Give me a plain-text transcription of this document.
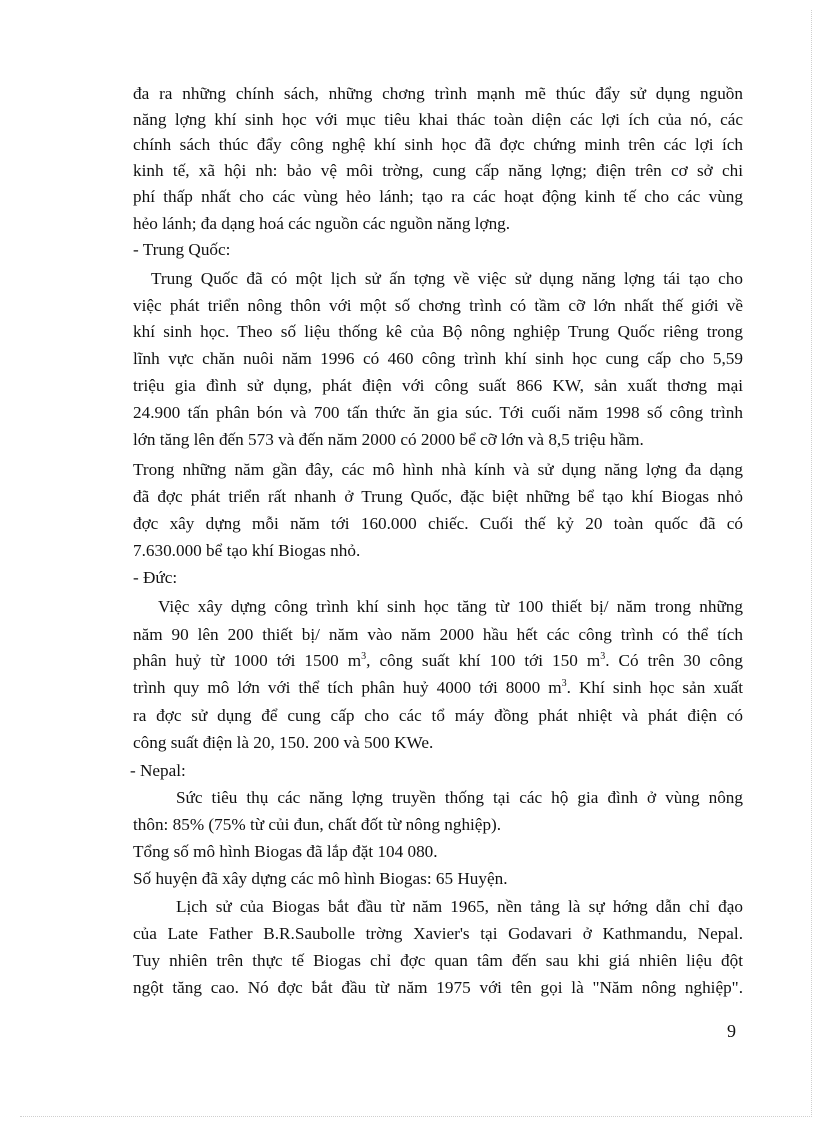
đa ra những chính sách, những chơng trình mạnh mẽ thúc đẩy sử dụng nguồn
năng lợng khí sinh học với mục tiêu khai thác toàn diện các lợi ích của nó, các
chính sách thúc đẩy công nghệ khí sinh học đã đợc chứng minh trên các lợi ích
kinh tế, xã hội nh: bảo vệ môi trờng, cung cấp năng lợng; điện trên cơ sở chi
phí thấp nhất cho các vùng hẻo lánh; tạo ra các hoạt động kinh tế cho các vùng
hẻo lánh; đa dạng hoá các nguồn các nguồn năng lợng.
- Trung Quốc:
Trung Quốc đã có một lịch sử ấn tợng về việc sử dụng năng lợng tái tạo cho
việc phát triển nông thôn với một số chơng trình có tầm cỡ lớn nhất thế giới về
khí sinh học. Theo số liệu thống kê của Bộ nông nghiệp Trung Quốc riêng trong
lĩnh vực chăn nuôi năm 1996 có 460 công trình khí sinh học cung cấp cho 5,59
triệu gia đình sử dụng, phát điện với công suất 866 KW, sản xuất thơng mại
24.900 tấn phân bón và 700 tấn thức ăn gia súc. Tới cuối năm 1998 số công trình
lớn tăng lên đến 573 và đến năm 2000 có 2000 bể cỡ lớn và 8,5 triệu hầm.
Trong những năm gần đây, các mô hình nhà kính và sử dụng năng lợng đa dạng
đã đợc phát triển rất nhanh ở Trung Quốc, đặc biệt những bể tạo khí Biogas nhỏ
đợc xây dựng mỗi năm tới 160.000 chiếc. Cuối thế kỷ 20 toàn quốc đã có
7.630.000 bể tạo khí Biogas nhỏ.
- Đức:
Việc xây dựng công trình khí sinh học tăng từ 100 thiết bị/ năm trong những
năm 90 lên 200 thiết bị/ năm vào năm 2000 hầu hết các công trình có thể tích
phân huỷ từ 1000 tới 1500 $m^3$, công suất khí 100 tới 150 $m^3$. Có trên 30 công
trình quy mô lớn với thể tích phân huỷ 4000 tới 8000 $m^3$. Khí sinh học sản xuất
ra đợc sử dụng để cung cấp cho các tổ máy đồng phát nhiệt và phát điện có
công suất điện là 20, 150. 200 và 500 KWe.
- Nepal:
Sức tiêu thụ các năng lợng truyền thống tại các hộ gia đình ở vùng nông
thôn: 85% (75% từ củi đun, chất đốt từ nông nghiệp).
Tổng số mô hình Biogas đã lắp đặt 104 080.
Số huyện đã xây dựng các mô hình Biogas: 65 Huyện.
Lịch sử của Biogas bắt đầu từ năm 1965, nền tảng là sự hớng dẫn chỉ đạo
của Late Father B.R.Saubolle trờng Xavier's tại Godavari ở Kathmandu, Nepal.
Tuy nhiên trên thực tế Biogas chỉ đợc quan tâm đến sau khi giá nhiên liệu đột
ngột tăng cao. Nó đợc bắt đầu từ năm 1975 với tên gọi là "Năm nông nghiệp".
9
